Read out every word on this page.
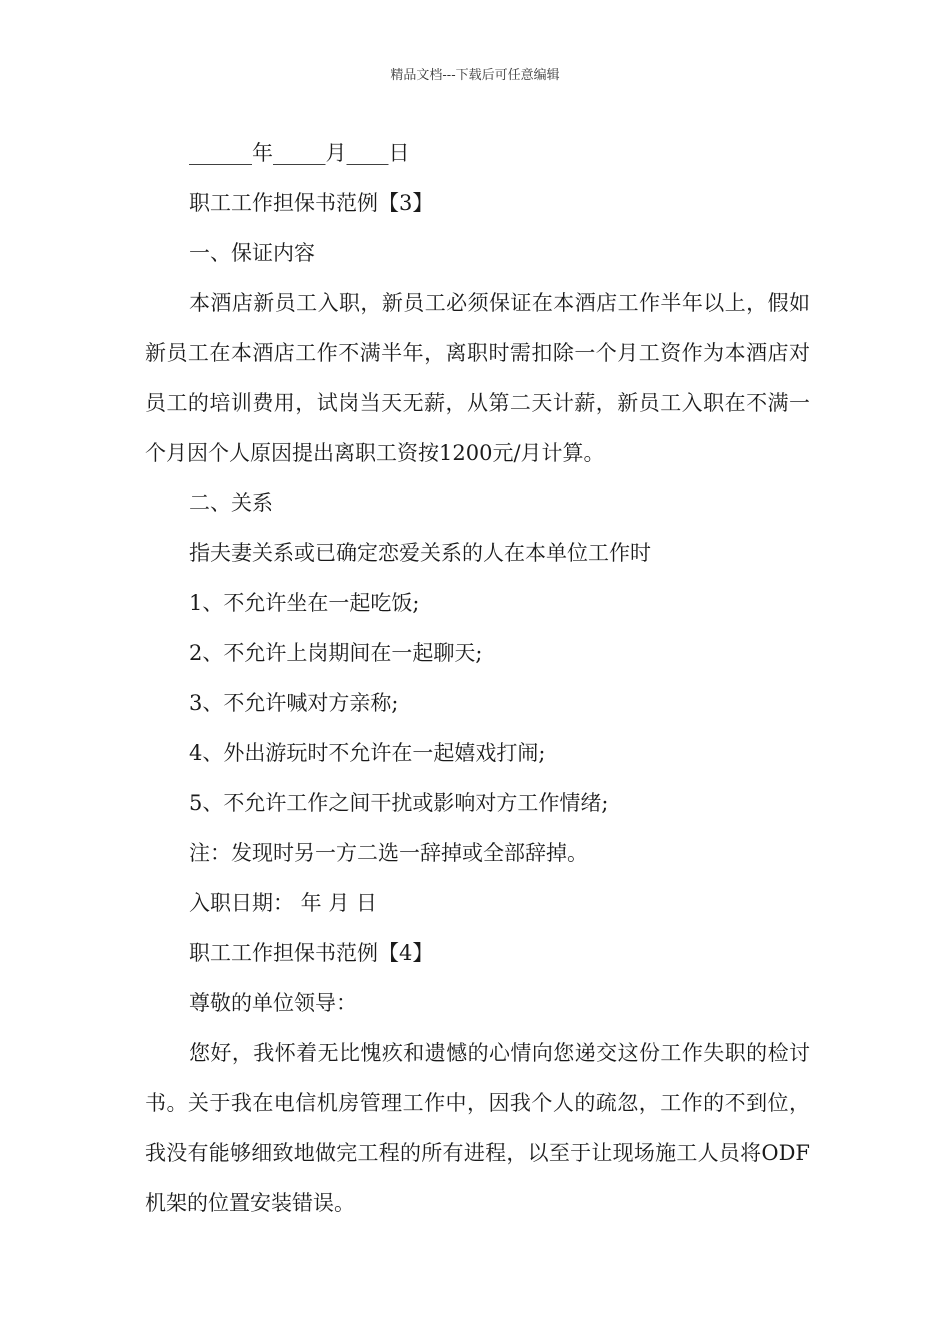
精品文档---下载后可任意编辑

______年_____月____日

职工工作担保书范例【3】

一、保证内容

本酒店新员工入职，新员工必须保证在本酒店工作半年以上，假如新员工在本酒店工作不满半年，离职时需扣除一个月工资作为本酒店对员工的培训费用，试岗当天无薪，从第二天计薪，新员工入职在不满一个月因个人原因提出离职工资按1200元/月计算。

二、关系

指夫妻关系或已确定恋爱关系的人在本单位工作时

1、不允许坐在一起吃饭;

2、不允许上岗期间在一起聊天;

3、不允许喊对方亲称;

4、外出游玩时不允许在一起嬉戏打闹;

5、不允许工作之间干扰或影响对方工作情绪;

注：发现时另一方二选一辞掉或全部辞掉。

入职日期： 年 月 日

职工工作担保书范例【4】

尊敬的单位领导：

您好，我怀着无比愧疚和遗憾的心情向您递交这份工作失职的检讨书。关于我在电信机房管理工作中，因我个人的疏忽，工作的不到位，我没有能够细致地做完工程的所有进程，以至于让现场施工人员将ODF机架的位置安装错误。
